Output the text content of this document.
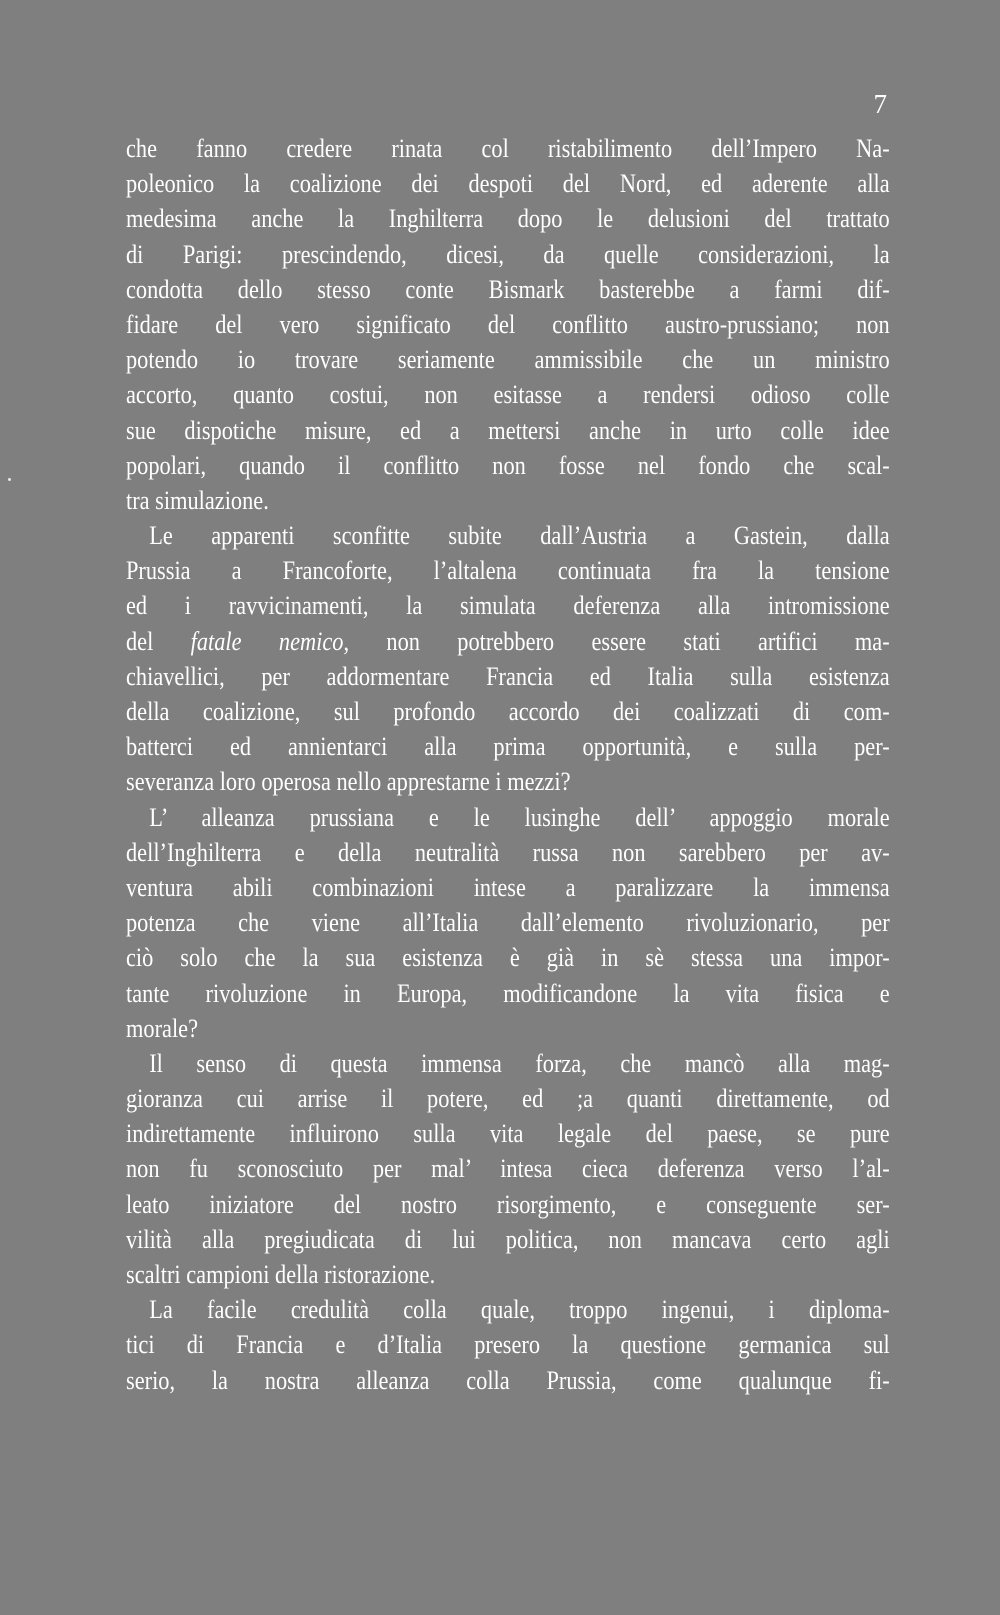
7
che fanno credere rinata col ristabilimento dell’Impero Na-
poleonico la coalizione dei despoti del Nord, ed aderente alla
medesima anche la Inghilterra dopo le delusioni del trattato
di Parigi: prescindendo, dicesi, da quelle considerazioni, la
condotta dello stesso conte Bismark basterebbe a farmi dif-
fidare del vero significato del conflitto austro-prussiano; non
potendo io trovare seriamente ammissibile che un ministro
accorto, quanto costui, non esitasse a rendersi odioso colle
sue dispotiche misure, ed a mettersi anche in urto colle idee
popolari, quando il conflitto non fosse nel fondo che scal-
tra simulazione.
Le apparenti sconfitte subite dall’Austria a Gastein, dalla
Prussia a Francoforte, l’altalena continuata fra la tensione
ed i ravvicinamenti, la simulata deferenza alla intromissione
del fatale nemico, non potrebbero essere stati artifici ma-
chiavellici, per addormentare Francia ed Italia sulla esistenza
della coalizione, sul profondo accordo dei coalizzati di com-
batterci ed annientarci alla prima opportunità, e sulla per-
severanza loro operosa nello apprestarne i mezzi?
L’ alleanza prussiana e le lusinghe dell’ appoggio morale
dell’Inghilterra e della neutralità russa non sarebbero per av-
ventura abili combinazioni intese a paralizzare la immensa
potenza che viene all’Italia dall’elemento rivoluzionario, per
ciò solo che la sua esistenza è già in sè stessa una impor-
tante rivoluzione in Europa, modificandone la vita fisica e
morale?
Il senso di questa immensa forza, che mancò alla mag-
gioranza cui arrise il potere, ed ;a quanti direttamente, od
indirettamente influirono sulla vita legale del paese, se pure
non fu sconosciuto per mal’ intesa cieca deferenza verso l’al-
leato iniziatore del nostro risorgimento, e conseguente ser-
vilità alla pregiudicata di lui politica, non mancava certo agli
scaltri campioni della ristorazione.
La facile credulità colla quale, troppo ingenui, i diploma-
tici di Francia e d’Italia presero la questione germanica sul
serio, la nostra alleanza colla Prussia, come qualunque fi-
